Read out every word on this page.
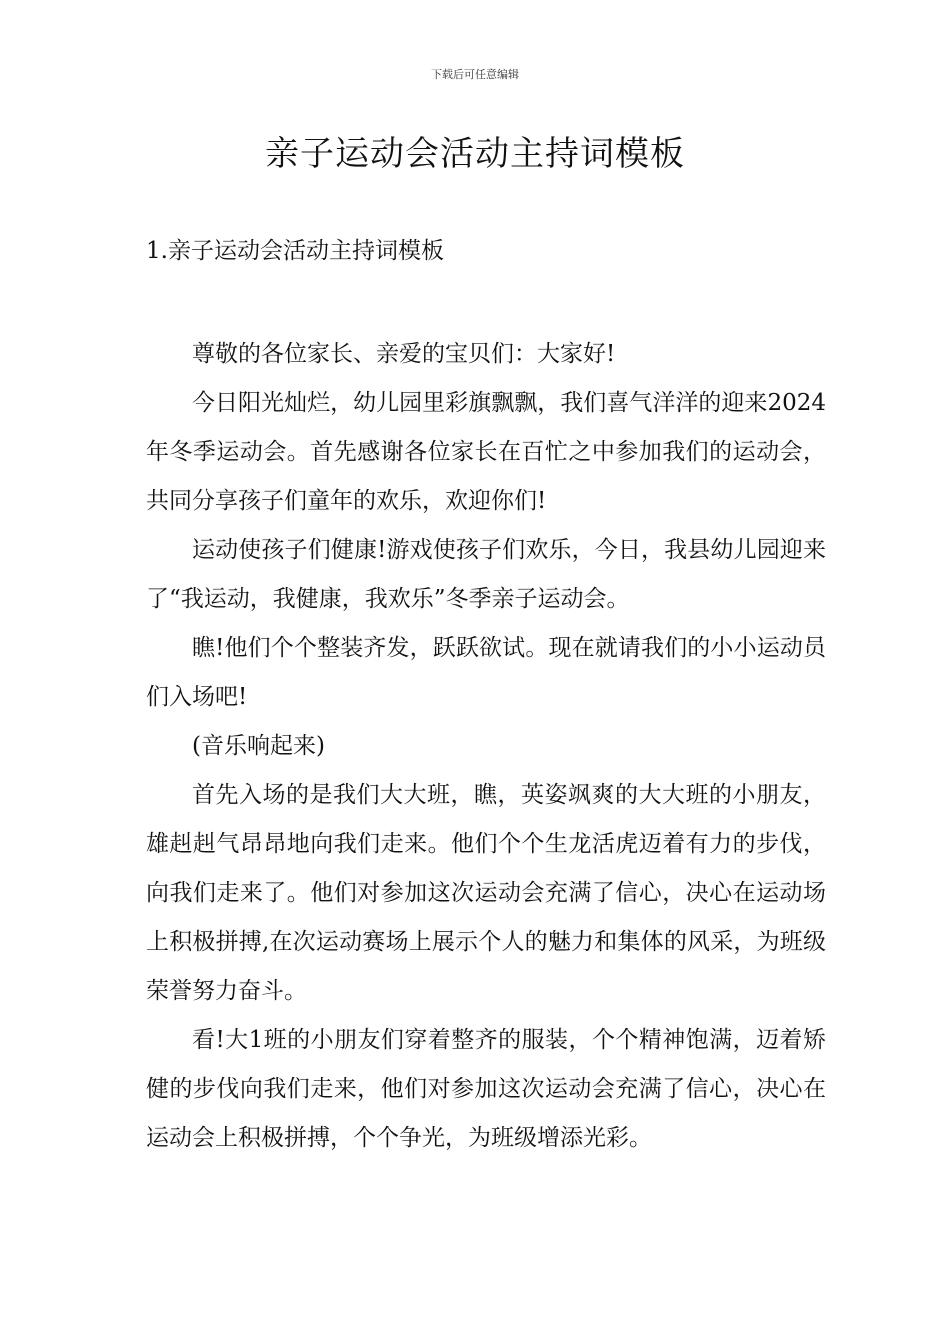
下载后可任意编辑
亲子运动会活动主持词模板
1.亲子运动会活动主持词模板

尊敬的各位家长、亲爱的宝贝们：大家好!

今日阳光灿烂，幼儿园里彩旗飘飘，我们喜气洋洋的迎来2024年冬季运动会。首先感谢各位家长在百忙之中参加我们的运动会，共同分享孩子们童年的欢乐，欢迎你们!

运动使孩子们健康!游戏使孩子们欢乐，今日，我县幼儿园迎来了“我运动，我健康，我欢乐”冬季亲子运动会。

瞧!他们个个整装齐发，跃跃欲试。现在就请我们的小小运动员们入场吧!

(音乐响起来)

首先入场的是我们大大班，瞧，英姿飒爽的大大班的小朋友，雄赳赳气昂昂地向我们走来。他们个个生龙活虎迈着有力的步伐，向我们走来了。他们对参加这次运动会充满了信心，决心在运动场上积极拼搏,在次运动赛场上展示个人的魅力和集体的风采，为班级荣誉努力奋斗。

看!大1班的小朋友们穿着整齐的服装，个个精神饱满，迈着矫健的步伐向我们走来，他们对参加这次运动会充满了信心，决心在运动会上积极拼搏，个个争光，为班级增添光彩。
